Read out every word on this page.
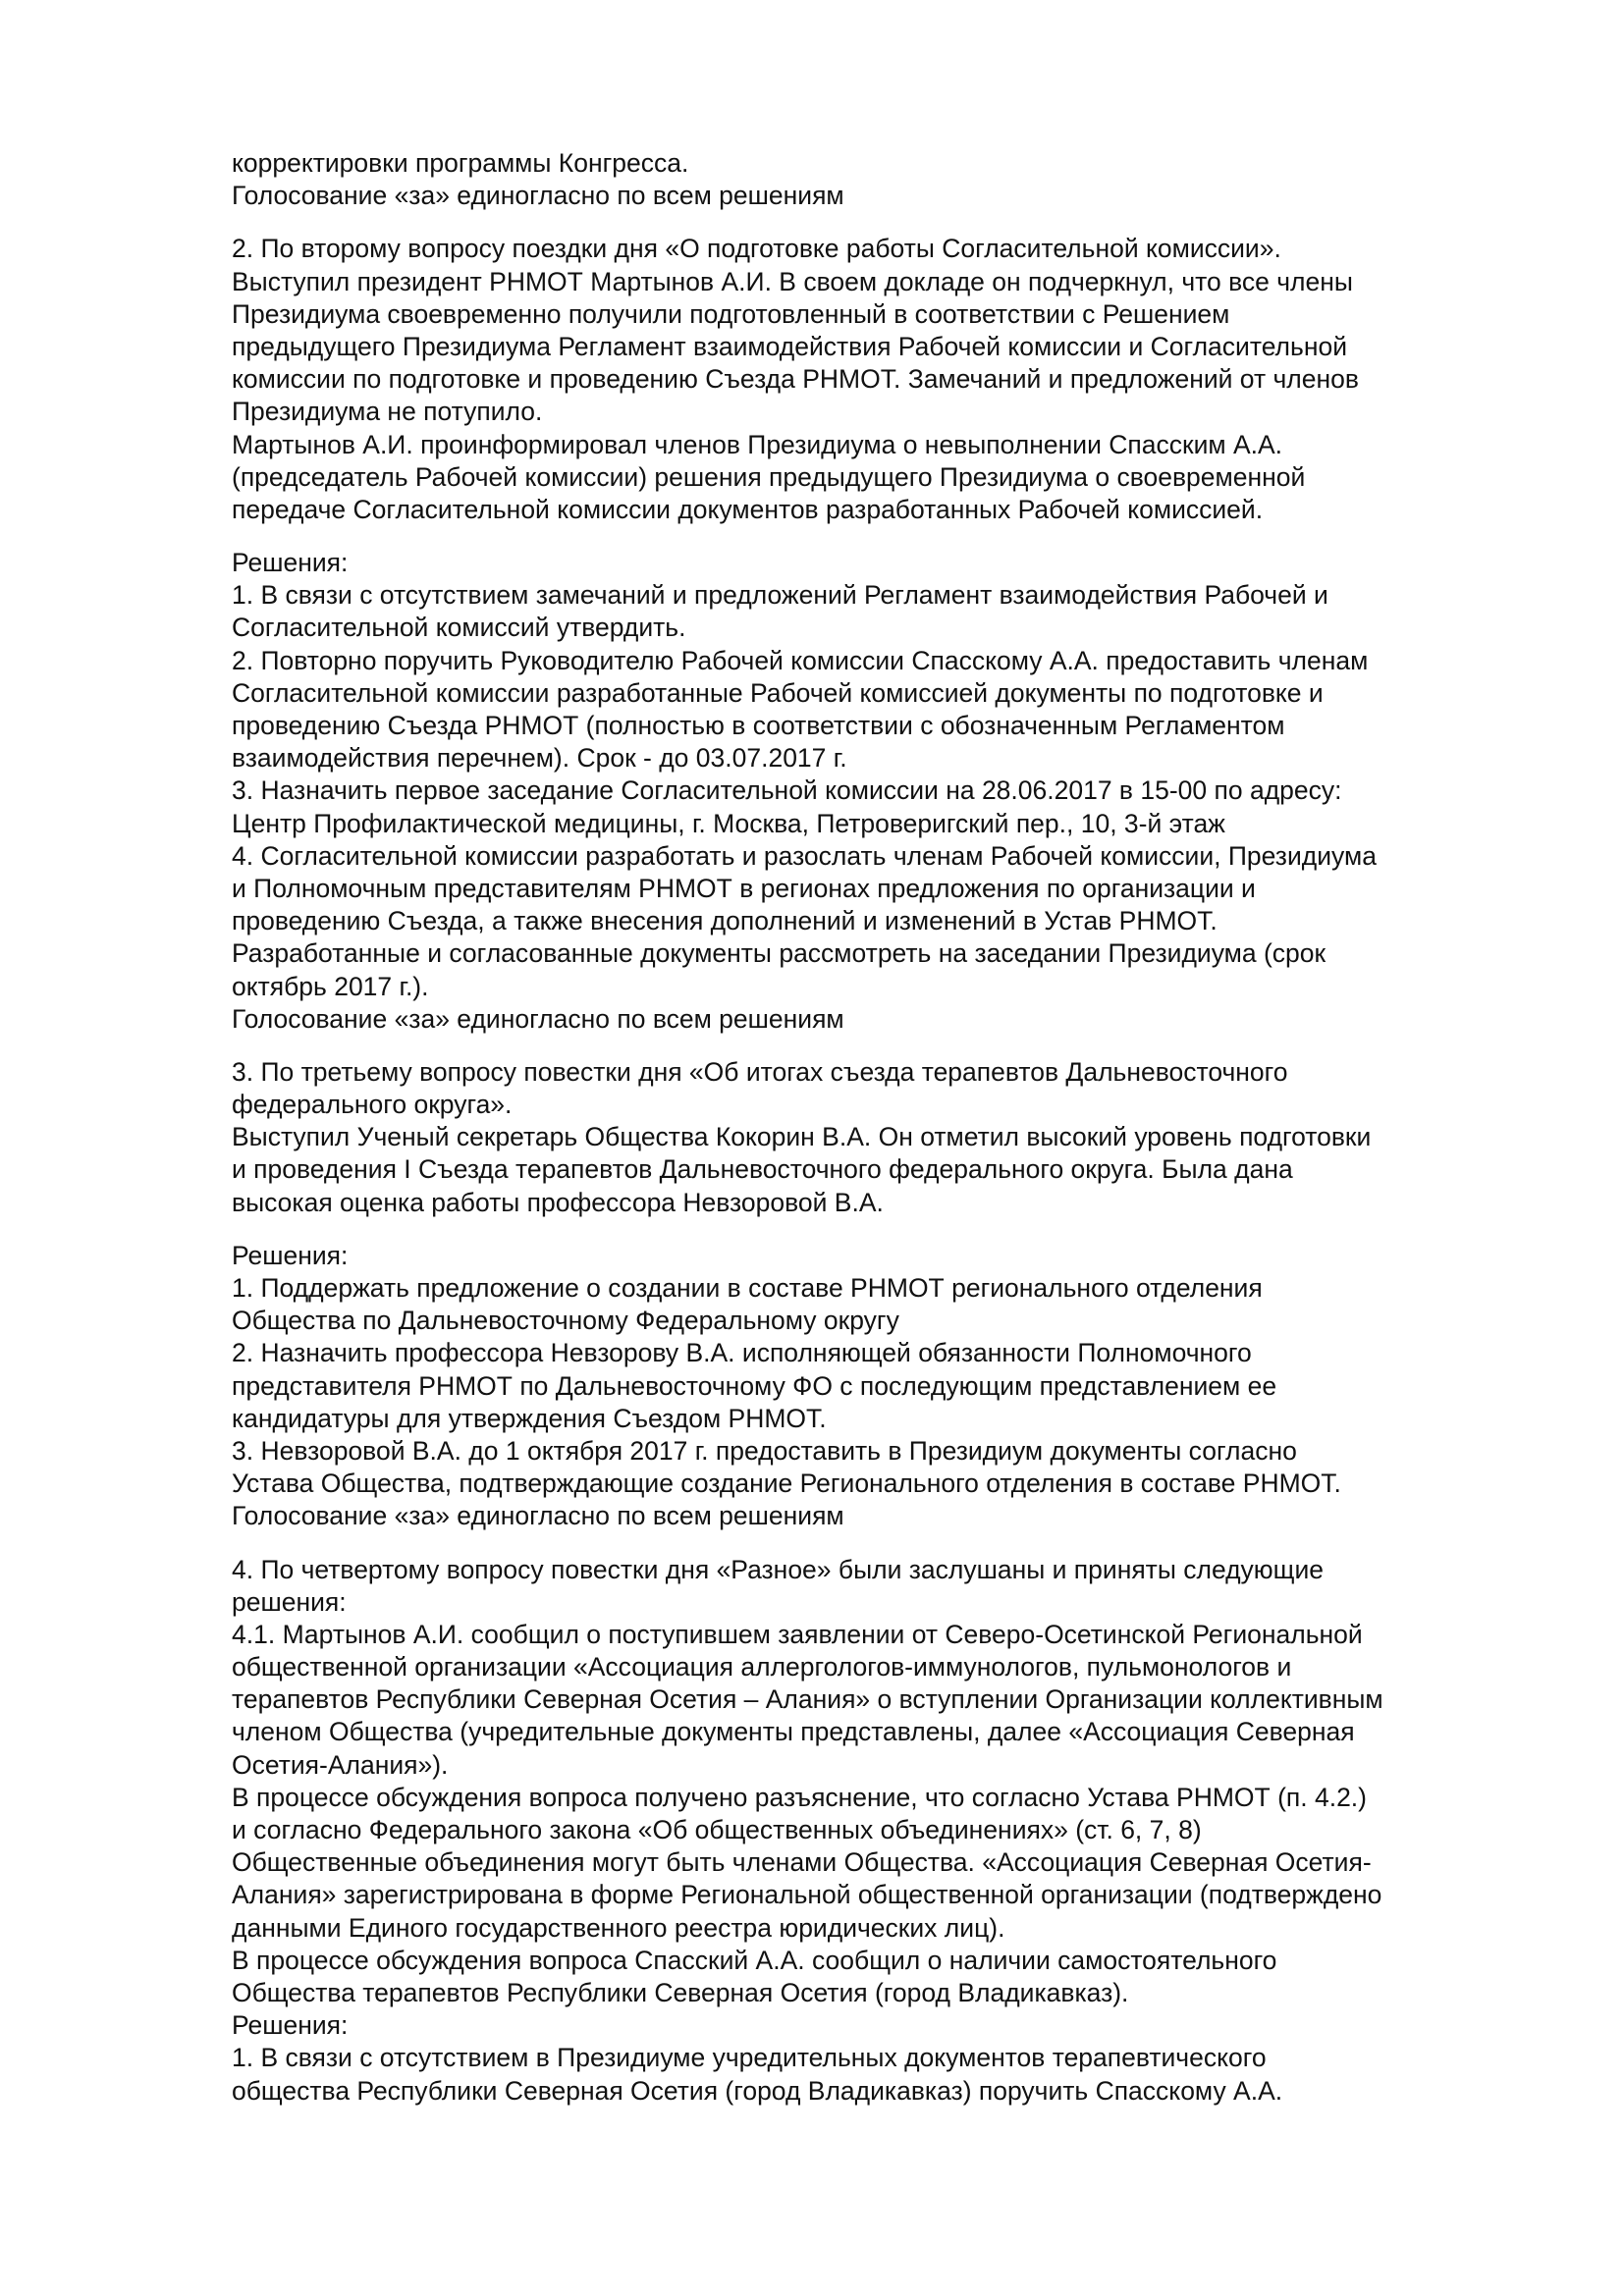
корректировки программы Конгресса.
Голосование «за» единогласно по всем решениям
2. По второму вопросу поездки дня «О подготовке работы Согласительной комиссии».
Выступил президент РНМОТ Мартынов А.И. В своем докладе он подчеркнул, что все члены
Президиума своевременно получили подготовленный в соответствии с Решением
предыдущего Президиума Регламент взаимодействия Рабочей комиссии и Согласительной
комиссии по подготовке и проведению Съезда РНМОТ. Замечаний и предложений от членов
Президиума не потупило.
Мартынов А.И. проинформировал членов Президиума о невыполнении Спасским А.А.
(председатель Рабочей комиссии) решения предыдущего Президиума о своевременной
передаче Согласительной комиссии документов разработанных Рабочей комиссией.
Решения:
1. В связи с отсутствием замечаний и предложений Регламент взаимодействия Рабочей и
Согласительной комиссий утвердить.
2. Повторно поручить Руководителю Рабочей комиссии Спасскому А.А. предоставить членам
Согласительной комиссии разработанные Рабочей комиссией документы по подготовке и
проведению Съезда РНМОТ (полностью в соответствии с обозначенным Регламентом
взаимодействия перечнем). Срок - до 03.07.2017 г.
3. Назначить первое заседание Согласительной комиссии на 28.06.2017 в 15-00 по адресу:
Центр Профилактической медицины, г. Москва, Петроверигский пер., 10, 3-й этаж
4. Согласительной комиссии разработать и разослать членам Рабочей комиссии, Президиума
и Полномочным представителям РНМОТ в регионах предложения по организации и
проведению Съезда, а также внесения дополнений и изменений в Устав РНМОТ.
Разработанные и согласованные документы рассмотреть на заседании Президиума (срок
октябрь 2017 г.).
Голосование «за» единогласно по всем решениям
3. По третьему вопросу повестки дня «Об итогах съезда терапевтов Дальневосточного
федерального округа».
Выступил Ученый секретарь Общества Кокорин В.А. Он отметил высокий уровень подготовки
и проведения I Съезда терапевтов Дальневосточного федерального округа. Была дана
высокая оценка работы профессора Невзоровой В.А.
Решения:
1. Поддержать предложение о создании в составе РНМОТ регионального отделения
Общества по Дальневосточному Федеральному округу
2. Назначить профессора Невзорову В.А. исполняющей обязанности Полномочного
представителя РНМОТ по Дальневосточному ФО с последующим представлением ее
кандидатуры для утверждения Съездом РНМОТ.
3. Невзоровой В.А. до 1 октября 2017 г. предоставить в Президиум документы согласно
Устава Общества, подтверждающие создание Регионального отделения в составе РНМОТ.
Голосование «за» единогласно по всем решениям
4. По четвертому вопросу повестки дня «Разное» были заслушаны и приняты следующие
решения:
4.1. Мартынов А.И. сообщил о поступившем заявлении от Северо-Осетинской Региональной
общественной организации «Ассоциация аллергологов-иммунологов, пульмонологов и
терапевтов Республики Северная Осетия – Алания» о вступлении Организации коллективным
членом Общества (учредительные документы представлены, далее «Ассоциация Северная
Осетия-Алания»).
В процессе обсуждения вопроса получено разъяснение, что согласно Устава РНМОТ (п. 4.2.)
и согласно Федерального закона «Об общественных объединениях» (ст. 6, 7, 8)
Общественные объединения могут быть членами Общества. «Ассоциация Северная Осетия-
Алания» зарегистрирована в форме Региональной общественной организации (подтверждено
данными Единого государственного реестра юридических лиц).
В процессе обсуждения вопроса Спасский А.А. сообщил о наличии самостоятельного
Общества терапевтов Республики Северная Осетия (город Владикавказ).
Решения:
1. В связи с отсутствием в Президиуме учредительных документов терапевтического
общества Республики Северная Осетия (город Владикавказ) поручить Спасскому А.А.
